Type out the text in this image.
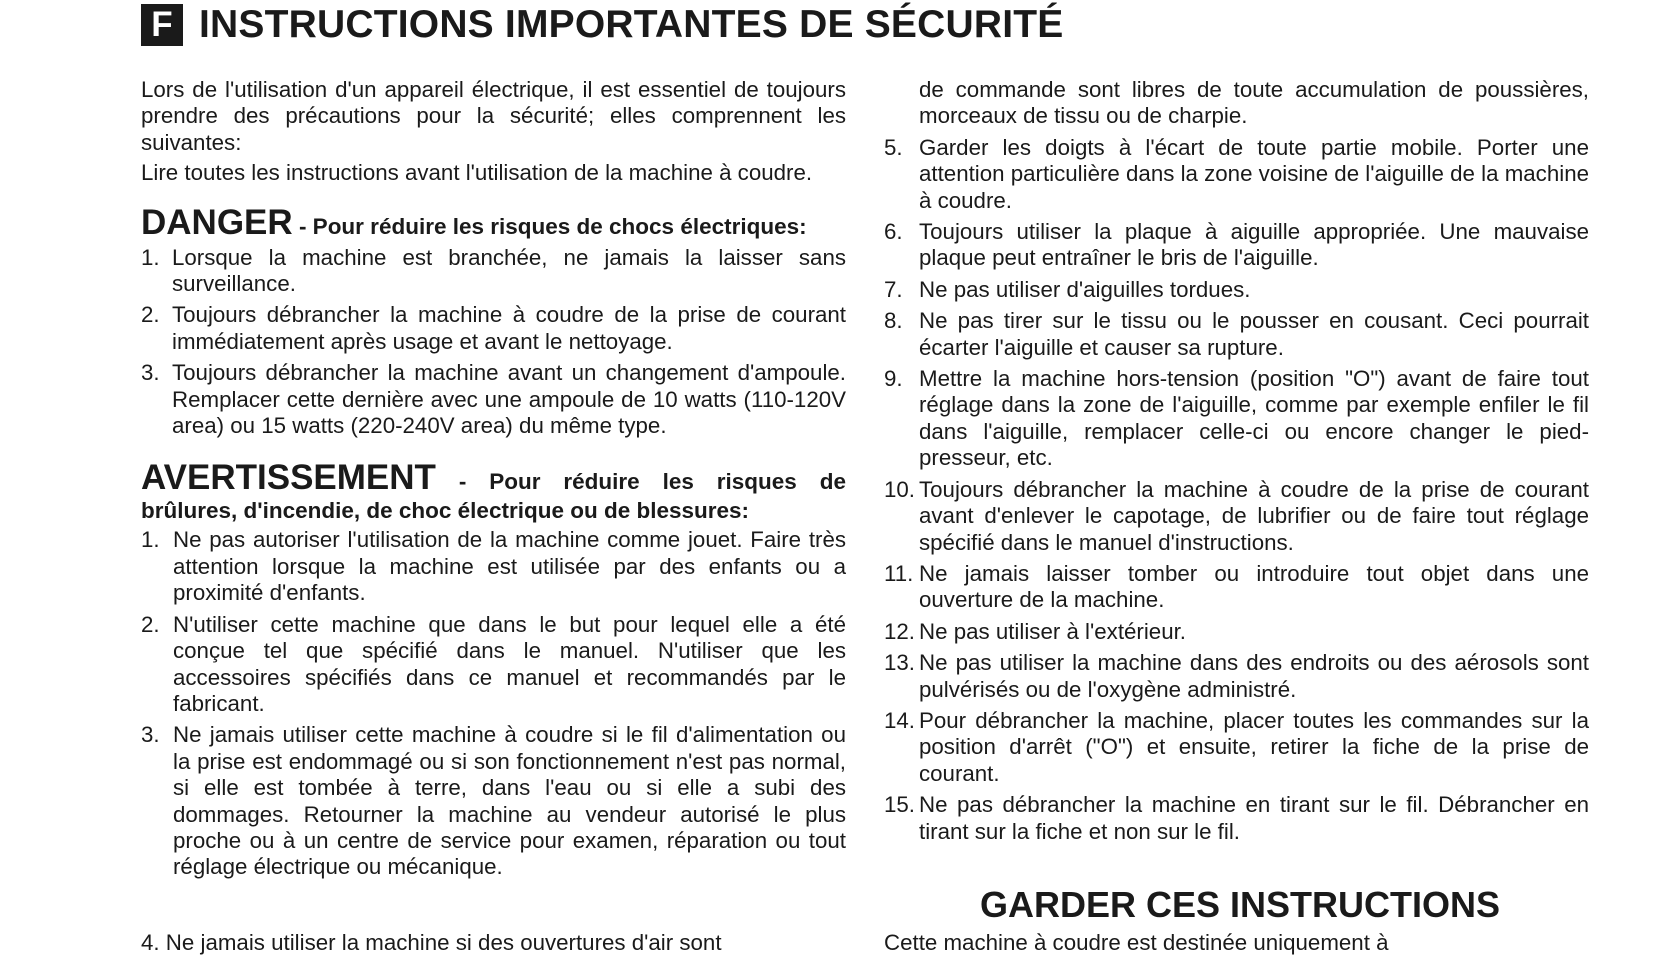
F INSTRUCTIONS IMPORTANTES DE SÉCURITÉ

Lors de l'utilisation d'un appareil électrique, il est essentiel de toujours prendre des précautions pour la sécurité; elles comprennent les suivantes:

Lire toutes les instructions avant l'utilisation de la machine à coudre.

DANGER - Pour réduire les risques de chocs électriques:
1. Lorsque la machine est branchée, ne jamais la laisser sans surveillance.
2. Toujours débrancher la machine à coudre de la prise de courant immédiatement après usage et avant le nettoyage.
3. Toujours débrancher la machine avant un changement d'ampoule. Remplacer cette dernière avec une ampoule de 10 watts (110-120V area) ou 15 watts (220-240V area) du même type.
AVERTISSEMENT - Pour réduire les risques de brûlures, d'incendie, de choc électrique ou de blessures:
1. Ne pas autoriser l'utilisation de la machine comme jouet. Faire très attention lorsque la machine est utilisée par des enfants ou a proximité d'enfants.
2. N'utiliser cette machine que dans le but pour lequel elle a été conçue tel que spécifié dans le manuel. N'utiliser que les accessoires spécifiés dans ce manuel et recommandés par le fabricant.
3. Ne jamais utiliser cette machine à coudre si le fil d'alimentation ou la prise est endommagé ou si son fonctionnement n'est pas normal, si elle est tombée à terre, dans l'eau ou si elle a subi des dommages. Retourner la machine au vendeur autorisé le plus proche ou à un centre de service pour examen, réparation ou tout réglage électrique ou mécanique.

de commande sont libres de toute accumulation de poussières, morceaux de tissu ou de charpie.

5. Garder les doigts à l'écart de toute partie mobile. Porter une attention particulière dans la zone voisine de l'aiguille de la machine à coudre.
6. Toujours utiliser la plaque à aiguille appropriée. Une mauvaise plaque peut entraîner le bris de l'aiguille.
7. Ne pas utiliser d'aiguilles tordues.
8. Ne pas tirer sur le tissu ou le pousser en cousant. Ceci pourrait écarter l'aiguille et causer sa rupture.
9. Mettre la machine hors-tension (position "O") avant de faire tout réglage dans la zone de l'aiguille, comme par exemple enfiler le fil dans l'aiguille, remplacer celle-ci ou encore changer le pied-presseur, etc.
10. Toujours débrancher la machine à coudre de la prise de courant avant d'enlever le capotage, de lubrifier ou de faire tout réglage spécifié dans le manuel d'instructions.
11. Ne jamais laisser tomber ou introduire tout objet dans une ouverture de la machine.
12. Ne pas utiliser à l'extérieur.
13. Ne pas utiliser la machine dans des endroits ou des aérosols sont pulvérisés ou de l'oxygène administré.
14. Pour débrancher la machine, placer toutes les commandes sur la position d'arrêt ("O") et ensuite, retirer la fiche de la prise de courant.
15. Ne pas débrancher la machine en tirant sur le fil. Débrancher en tirant sur la fiche et non sur le fil.
GARDER CES INSTRUCTIONS
4. Ne jamais utiliser la machine si des ouvertures d'air sont	Cette machine à coudre est destinée uniquement à
